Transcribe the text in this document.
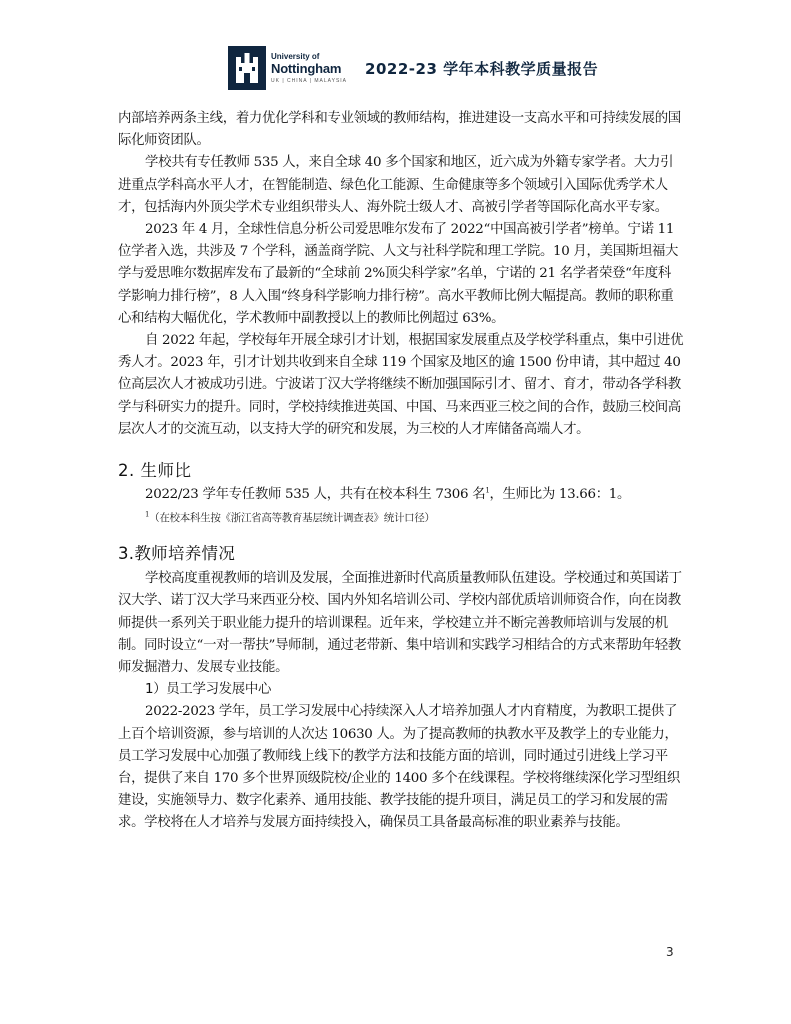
University of
Nottingham
UK | CHINA | MALAYSIA
2022-23 学年本科教学质量报告

内部培养两条主线，着力优化学科和专业领域的教师结构，推进建设一支高水平和可持续发展的国际化师资团队。

学校共有专任教师 535 人，来自全球 40 多个国家和地区，近六成为外籍专家学者。大力引进重点学科高水平人才，在智能制造、绿色化工能源、生命健康等多个领域引入国际优秀学术人才，包括海内外顶尖学术专业组织带头人、海外院士级人才、高被引学者等国际化高水平专家。

2023 年 4 月，全球性信息分析公司爱思唯尔发布了 2022“中国高被引学者”榜单。宁诺 11 位学者入选，共涉及 7 个学科，涵盖商学院、人文与社科学院和理工学院。10 月，美国斯坦福大学与爱思唯尔数据库发布了最新的“全球前 2%顶尖科学家”名单，宁诺的 21 名学者荣登“年度科学影响力排行榜”，8 人入围“终身科学影响力排行榜”。高水平教师比例大幅提高。教师的职称重心和结构大幅优化，学术教师中副教授以上的教师比例超过 63%。

自 2022 年起，学校每年开展全球引才计划，根据国家发展重点及学校学科重点，集中引进优秀人才。2023 年，引才计划共收到来自全球 119 个国家及地区的逾 1500 份申请，其中超过 40 位高层次人才被成功引进。宁波诺丁汉大学将继续不断加强国际引才、留才、育才，带动各学科教学与科研实力的提升。同时，学校持续推进英国、中国、马来西亚三校之间的合作，鼓励三校间高层次人才的交流互动，以支持大学的研究和发展，为三校的人才库储备高端人才。

2. 生师比

2022/23 学年专任教师 535 人，共有在校本科生 7306 名$^1$，生师比为 13.66：1。

$^1$（在校本科生按《浙江省高等教育基层统计调查表》统计口径）

3.教师培养情况

学校高度重视教师的培训及发展，全面推进新时代高质量教师队伍建设。学校通过和英国诺丁汉大学、诺丁汉大学马来西亚分校、国内外知名培训公司、学校内部优质培训师资合作，向在岗教师提供一系列关于职业能力提升的培训课程。近年来，学校建立并不断完善教师培训与发展的机制。同时设立“一对一帮扶”导师制，通过老带新、集中培训和实践学习相结合的方式来帮助年轻教师发掘潜力、发展专业技能。

1）员工学习发展中心

2022-2023 学年，员工学习发展中心持续深入人才培养加强人才内育精度，为教职工提供了上百个培训资源，参与培训的人次达 10630 人。为了提高教师的执教水平及教学上的专业能力，员工学习发展中心加强了教师线上线下的教学方法和技能方面的培训，同时通过引进线上学习平台，提供了来自 170 多个世界顶级院校/企业的 1400 多个在线课程。学校将继续深化学习型组织建设，实施领导力、数字化素养、通用技能、教学技能的提升项目，满足员工的学习和发展的需求。学校将在人才培养与发展方面持续投入，确保员工具备最高标准的职业素养与技能。

3
